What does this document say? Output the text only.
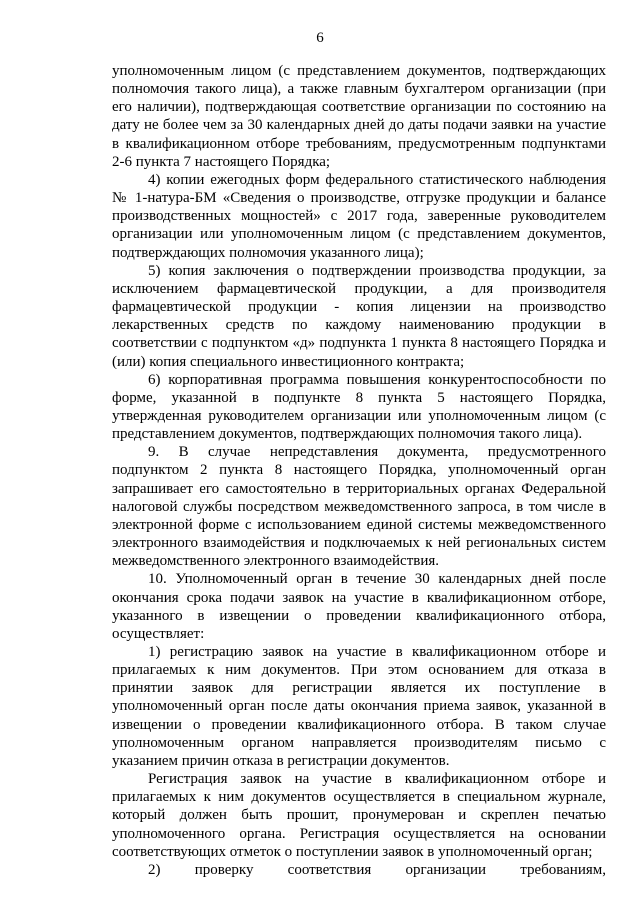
6

уполномоченным лицом (с представлением документов, подтверждающих полномочия такого лица), а также главным бухгалтером организации (при его наличии), подтверждающая соответствие организации по состоянию на дату не более чем за 30 календарных дней до даты подачи заявки на участие в квалификационном отборе требованиям, предусмотренным подпунктами 2-6 пункта 7 настоящего Порядка;

4) копии ежегодных форм федерального статистического наблюдения № 1-натура-БМ «Сведения о производстве, отгрузке продукции и балансе производственных мощностей» с 2017 года, заверенные руководителем организации или уполномоченным лицом (с представлением документов, подтверждающих полномочия указанного лица);

5) копия заключения о подтверждении производства продукции, за исключением фармацевтической продукции, а для производителя фармацевтической продукции - копия лицензии на производство лекарственных средств по каждому наименованию продукции в соответствии с подпунктом «д» подпункта 1 пункта 8 настоящего Порядка и (или) копия специального инвестиционного контракта;

6) корпоративная программа повышения конкурентоспособности по форме, указанной в подпункте 8 пункта 5 настоящего Порядка, утвержденная руководителем организации или уполномоченным лицом (с представлением документов, подтверждающих полномочия такого лица).

9. В случае непредставления документа, предусмотренного подпунктом 2 пункта 8 настоящего Порядка, уполномоченный орган запрашивает его самостоятельно в территориальных органах Федеральной налоговой службы посредством межведомственного запроса, в том числе в электронной форме с использованием единой системы межведомственного электронного взаимодействия и подключаемых к ней региональных систем межведомственного электронного взаимодействия.

10. Уполномоченный орган в течение 30 календарных дней после окончания срока подачи заявок на участие в квалификационном отборе, указанного в извещении о проведении квалификационного отбора, осуществляет:

1) регистрацию заявок на участие в квалификационном отборе и прилагаемых к ним документов. При этом основанием для отказа в принятии заявок для регистрации является их поступление в уполномоченный орган после даты окончания приема заявок, указанной в извещении о проведении квалификационного отбора. В таком случае уполномоченным органом направляется производителям письмо с указанием причин отказа в регистрации документов.

Регистрация заявок на участие в квалификационном отборе и прилагаемых к ним документов осуществляется в специальном журнале, который должен быть прошит, пронумерован и скреплен печатью уполномоченного органа. Регистрация осуществляется на основании соответствующих отметок о поступлении заявок в уполномоченный орган;

2) проверку соответствия организации требованиям,
